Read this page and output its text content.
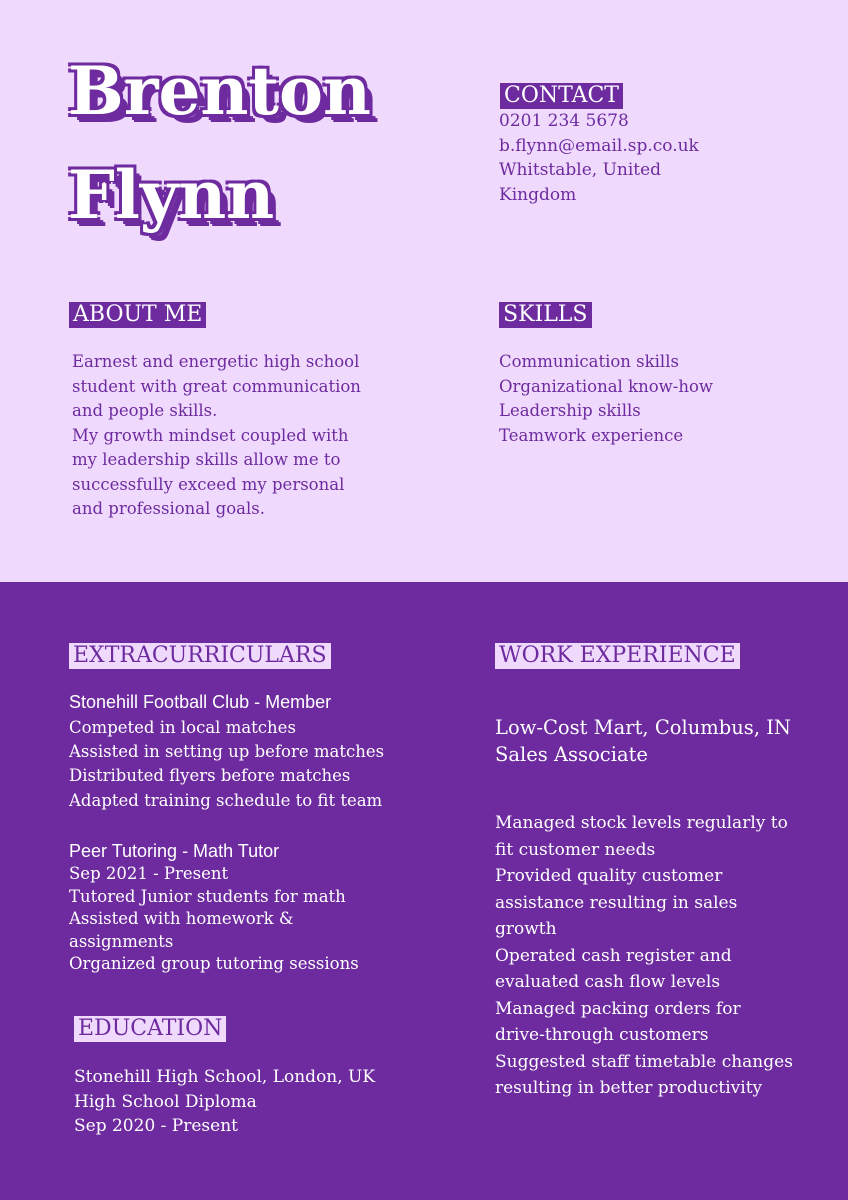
Brenton
Flynn
CONTACT
0201 234 5678
b.flynn@email.sp.co.uk
Whitstable, United
Kingdom
ABOUT ME
Earnest and energetic high school
student with great communication
and people skills.
My growth mindset coupled with
my leadership skills allow me to
successfully exceed my personal
and professional goals.
SKILLS
Communication skills
Organizational know-how
Leadership skills
Teamwork experience
EXTRACURRICULARS
Stonehill Football Club - Member
Competed in local matches
Assisted in setting up before matches
Distributed flyers before matches
Adapted training schedule to fit team
Peer Tutoring - Math Tutor
Sep 2021 - Present
Tutored Junior students for math
Assisted with homework &
assignments
Organized group tutoring sessions
EDUCATION
Stonehill High School, London, UK
High School Diploma
Sep 2020 - Present
WORK EXPERIENCE
Low-Cost Mart, Columbus, IN
Sales Associate
Managed stock levels regularly to
fit customer needs
Provided quality customer
assistance resulting in sales
growth
Operated cash register and
evaluated cash flow levels
Managed packing orders for
drive-through customers
Suggested staff timetable changes
resulting in better productivity
